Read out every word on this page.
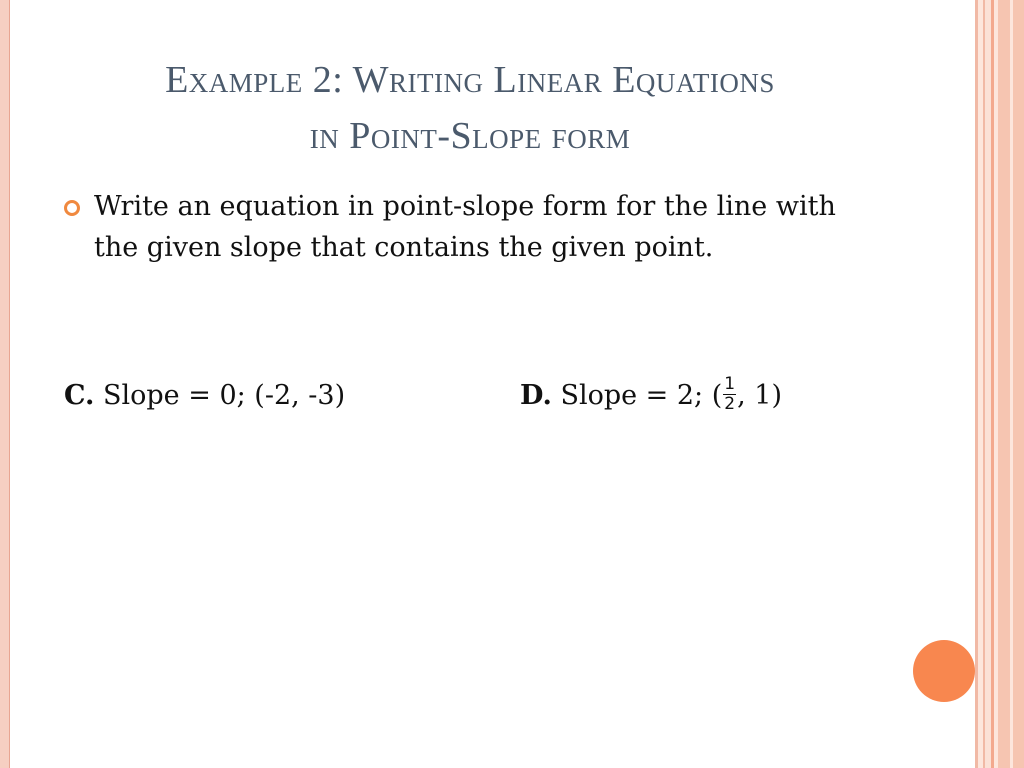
Example 2: Writing Linear Equations
in Point-Slope form
Write an equation in point-slope form for the line with the given slope that contains the given point.
C. Slope = 0; (-2, -3)	D. Slope = 2; ( $\frac{1}{2}$ , 1)
